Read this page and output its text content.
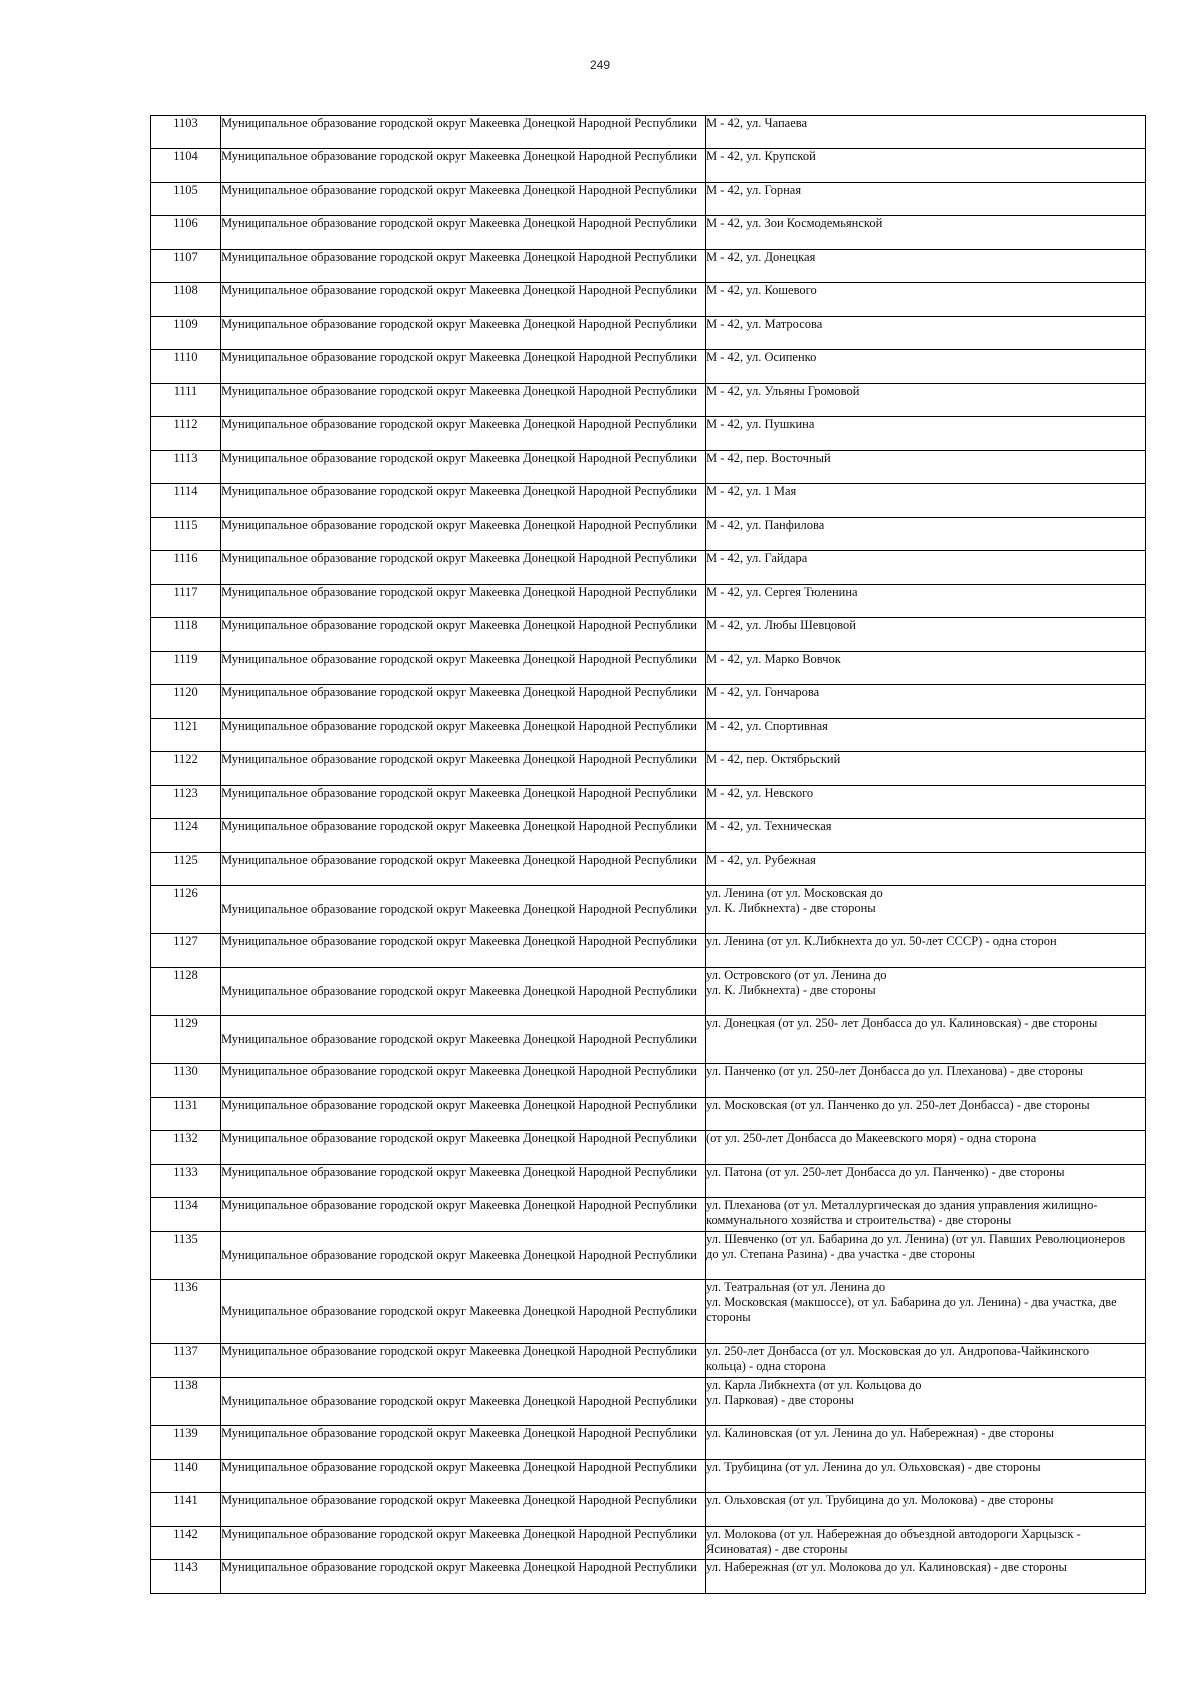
249
1103	Муниципальное образование городской округ Макеевка Донецкой Народной Республики	М - 42, ул. Чапаева
1104	Муниципальное образование городской округ Макеевка Донецкой Народной Республики	М - 42, ул. Крупской
1105	Муниципальное образование городской округ Макеевка Донецкой Народной Республики	М - 42, ул. Горная
1106	Муниципальное образование городской округ Макеевка Донецкой Народной Республики	М - 42, ул. Зои Космодемьянской
1107	Муниципальное образование городской округ Макеевка Донецкой Народной Республики	М - 42, ул. Донецкая
1108	Муниципальное образование городской округ Макеевка Донецкой Народной Республики	М - 42, ул. Кошевого
1109	Муниципальное образование городской округ Макеевка Донецкой Народной Республики	М - 42, ул. Матросова
1110	Муниципальное образование городской округ Макеевка Донецкой Народной Республики	М - 42, ул. Осипенко
1111	Муниципальное образование городской округ Макеевка Донецкой Народной Республики	М - 42, ул. Ульяны Громовой
1112	Муниципальное образование городской округ Макеевка Донецкой Народной Республики	М - 42, ул. Пушкина
1113	Муниципальное образование городской округ Макеевка Донецкой Народной Республики	М - 42, пер. Восточный
1114	Муниципальное образование городской округ Макеевка Донецкой Народной Республики	М - 42, ул. 1 Мая
1115	Муниципальное образование городской округ Макеевка Донецкой Народной Республики	М - 42, ул. Панфилова
1116	Муниципальное образование городской округ Макеевка Донецкой Народной Республики	М - 42, ул. Гайдара
1117	Муниципальное образование городской округ Макеевка Донецкой Народной Республики	М - 42, ул. Сергея Тюленина
1118	Муниципальное образование городской округ Макеевка Донецкой Народной Республики	М - 42, ул. Любы Шевцовой
1119	Муниципальное образование городской округ Макеевка Донецкой Народной Республики	М - 42, ул. Марко Вовчок
1120	Муниципальное образование городской округ Макеевка Донецкой Народной Республики	М - 42, ул. Гончарова
1121	Муниципальное образование городской округ Макеевка Донецкой Народной Республики	М - 42, ул. Спортивная
1122	Муниципальное образование городской округ Макеевка Донецкой Народной Республики	М - 42, пер. Октябрьский
1123	Муниципальное образование городской округ Макеевка Донецкой Народной Республики	М - 42, ул. Невского
1124	Муниципальное образование городской округ Макеевка Донецкой Народной Республики	М - 42, ул. Техническая
1125	Муниципальное образование городской округ Макеевка Донецкой Народной Республики	М - 42, ул. Рубежная
1126	Муниципальное образование городской округ Макеевка Донецкой Народной Республики	ул. Ленина (от ул. Московская до
ул. К. Либкнехта) - две стороны
1127	Муниципальное образование городской округ Макеевка Донецкой Народной Республики	ул. Ленина (от ул. К.Либкнехта до ул. 50-лет СССР) - одна сторон
1128	Муниципальное образование городской округ Макеевка Донецкой Народной Республики	ул. Островского (от ул. Ленина до
ул. К. Либкнехта) - две стороны
1129	Муниципальное образование городской округ Макеевка Донецкой Народной Республики	ул. Донецкая (от ул. 250- лет Донбасса до ул. Калиновская) - две стороны
1130	Муниципальное образование городской округ Макеевка Донецкой Народной Республики	ул. Панченко (от ул. 250-лет Донбасса до ул. Плеханова) - две стороны
1131	Муниципальное образование городской округ Макеевка Донецкой Народной Республики	ул. Московская (от ул. Панченко до ул. 250-лет Донбасса) - две стороны
1132	Муниципальное образование городской округ Макеевка Донецкой Народной Республики	(от ул. 250-лет Донбасса до Макеевского моря) - одна сторона
1133	Муниципальное образование городской округ Макеевка Донецкой Народной Республики	ул. Патона (от ул. 250-лет Донбасса до ул. Панченко) - две стороны
1134	Муниципальное образование городской округ Макеевка Донецкой Народной Республики	ул. Плеханова (от ул. Металлургическая до здания управления жилищно-
коммунального хозяйства и строительства) - две стороны
1135	Муниципальное образование городской округ Макеевка Донецкой Народной Республики	ул. Шевченко (от ул. Бабарина до ул. Ленина) (от ул. Павших Революционеров
до ул. Степана Разина) - два участка - две стороны
1136	Муниципальное образование городской округ Макеевка Донецкой Народной Республики	ул. Театральная (от ул. Ленина до
ул. Московская (макшоссе), от ул. Бабарина до ул. Ленина) - два участка, две
стороны
1137	Муниципальное образование городской округ Макеевка Донецкой Народной Республики	ул. 250-лет Донбасса (от ул. Московская до ул. Андропова-Чайкинского
кольца) - одна сторона
1138	Муниципальное образование городской округ Макеевка Донецкой Народной Республики	ул. Карла Либкнехта (от ул. Кольцова до
ул. Парковая) - две стороны
1139	Муниципальное образование городской округ Макеевка Донецкой Народной Республики	ул. Калиновская (от ул. Ленина до ул. Набережная) - две стороны
1140	Муниципальное образование городской округ Макеевка Донецкой Народной Республики	ул. Трубицина (от ул. Ленина до ул. Ольховская) - две стороны
1141	Муниципальное образование городской округ Макеевка Донецкой Народной Республики	ул. Ольховская (от ул. Трубицина до ул. Молокова) - две стороны
1142	Муниципальное образование городской округ Макеевка Донецкой Народной Республики	ул. Молокова (от ул. Набережная до объездной автодороги Харцызск -
Ясиноватая) - две стороны
1143	Муниципальное образование городской округ Макеевка Донецкой Народной Республики	ул. Набережная (от ул. Молокова до ул. Калиновская) - две стороны
